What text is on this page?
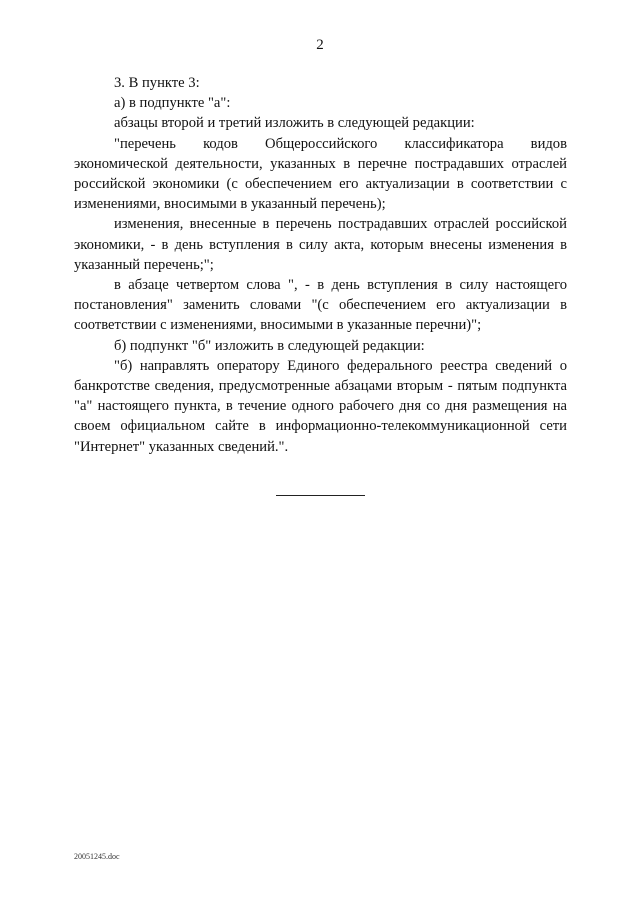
2

3. В пункте 3:

а) в подпункте "а":

абзацы второй и третий изложить в следующей редакции:

"перечень кодов Общероссийского классификатора видов экономической деятельности, указанных в перечне пострадавших отраслей российской экономики (с обеспечением его актуализации в соответствии с изменениями, вносимыми в указанный перечень);

изменения, внесенные в перечень пострадавших отраслей российской экономики, - в день вступления в силу акта, которым внесены изменения в указанный перечень;";

в абзаце четвертом слова ", - в день вступления в силу настоящего постановления" заменить словами "(с обеспечением его актуализации в соответствии с изменениями, вносимыми в указанные перечни)";

б) подпункт "б" изложить в следующей редакции:

"б) направлять оператору Единого федерального реестра сведений о банкротстве сведения, предусмотренные абзацами вторым - пятым подпункта "а" настоящего пункта, в течение одного рабочего дня со дня размещения на своем официальном сайте в информационно-телекоммуникационной сети "Интернет" указанных сведений.".

20051245.doc
